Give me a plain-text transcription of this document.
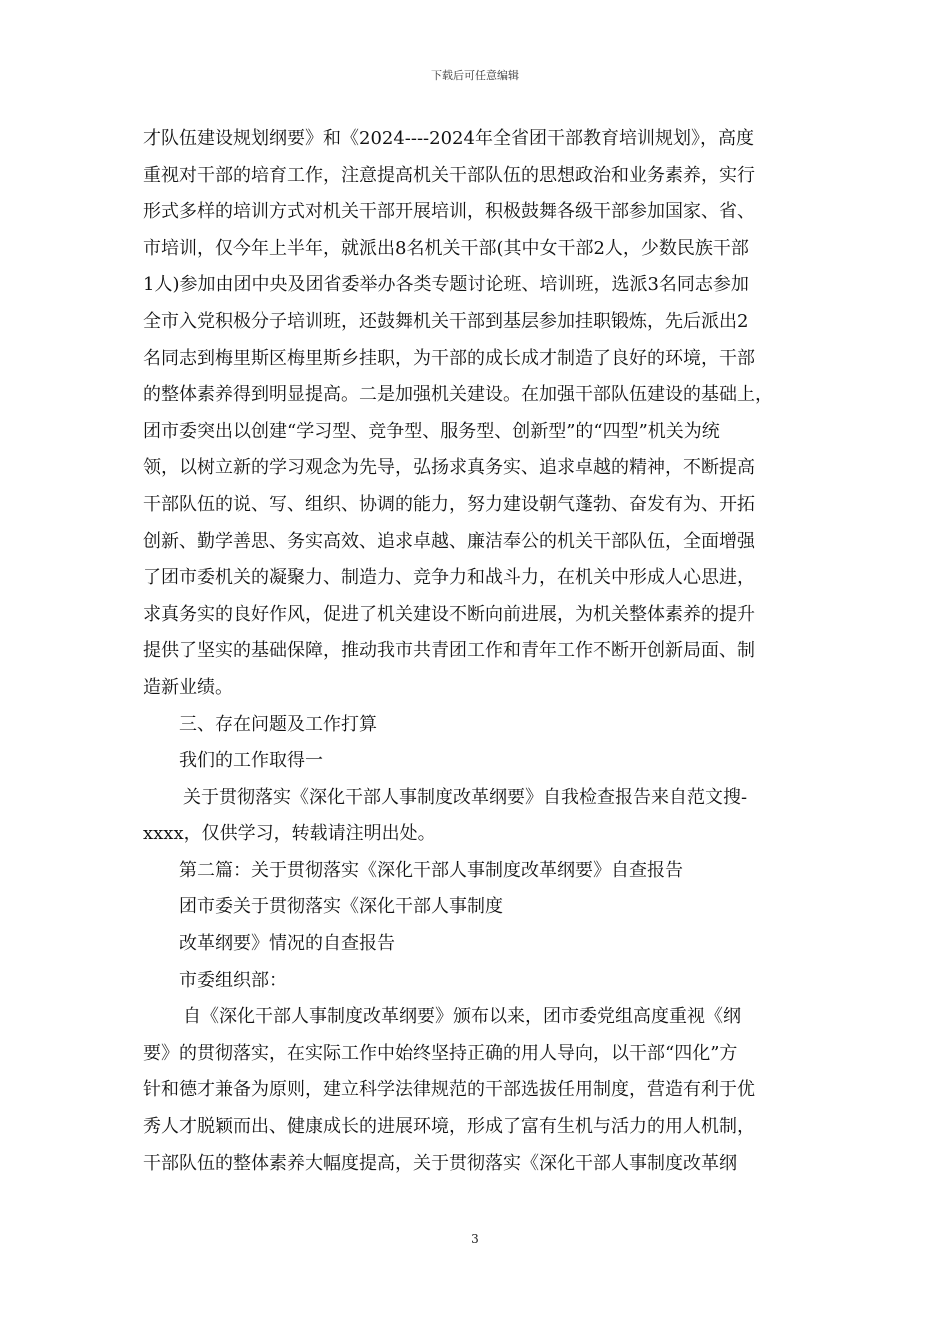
下载后可任意编辑

才队伍建设规划纲要》和《2024----2024年全省团干部教育培训规划》，高度

重视对干部的培育工作，注意提高机关干部队伍的思想政治和业务素养，实行

形式多样的培训方式对机关干部开展培训，积极鼓舞各级干部参加国家、省、

市培训，仅今年上半年，就派出8名机关干部(其中女干部2人，少数民族干部

1人)参加由团中央及团省委举办各类专题讨论班、培训班，选派3名同志参加

全市入党积极分子培训班，还鼓舞机关干部到基层参加挂职锻炼，先后派出2

名同志到梅里斯区梅里斯乡挂职，为干部的成长成才制造了良好的环境，干部

的整体素养得到明显提高。二是加强机关建设。在加强干部队伍建设的基础上，

团市委突出以创建“学习型、竞争型、服务型、创新型”的“四型”机关为统

领，以树立新的学习观念为先导，弘扬求真务实、追求卓越的精神，不断提高

干部队伍的说、写、组织、协调的能力，努力建设朝气蓬勃、奋发有为、开拓

创新、勤学善思、务实高效、追求卓越、廉洁奉公的机关干部队伍，全面增强

了团市委机关的凝聚力、制造力、竞争力和战斗力，在机关中形成人心思进，

求真务实的良好作风，促进了机关建设不断向前进展，为机关整体素养的提升

提供了坚实的基础保障，推动我市共青团工作和青年工作不断开创新局面、制

造新业绩。

三、存在问题及工作打算

我们的工作取得一

关于贯彻落实《深化干部人事制度改革纲要》自我检查报告来自范文搜-

xxxx，仅供学习，转载请注明出处。

第二篇：关于贯彻落实《深化干部人事制度改革纲要》自查报告

团市委关于贯彻落实《深化干部人事制度

改革纲要》情况的自查报告

市委组织部：

自《深化干部人事制度改革纲要》颁布以来，团市委党组高度重视《纲

要》的贯彻落实，在实际工作中始终坚持正确的用人导向，以干部“四化”方

针和德才兼备为原则，建立科学法律规范的干部选拔任用制度，营造有利于优

秀人才脱颖而出、健康成长的进展环境，形成了富有生机与活力的用人机制，

干部队伍的整体素养大幅度提高，关于贯彻落实《深化干部人事制度改革纲

3
